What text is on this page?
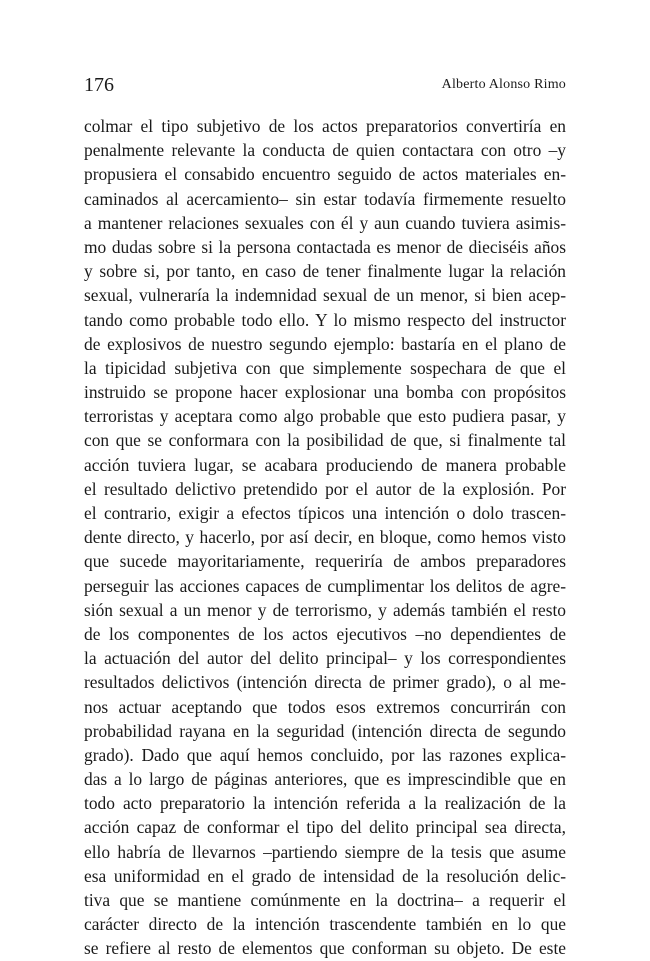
176	Alberto Alonso Rimo
colmar el tipo subjetivo de los actos preparatorios convertiría en
penalmente relevante la conducta de quien contactara con otro –y
propusiera el consabido encuentro seguido de actos materiales en-
caminados al acercamiento– sin estar todavía firmemente resuelto
a mantener relaciones sexuales con él y aun cuando tuviera asimis-
mo dudas sobre si la persona contactada es menor de dieciséis años
y sobre si, por tanto, en caso de tener finalmente lugar la relación
sexual, vulneraría la indemnidad sexual de un menor, si bien acep-
tando como probable todo ello. Y lo mismo respecto del instructor
de explosivos de nuestro segundo ejemplo: bastaría en el plano de
la tipicidad subjetiva con que simplemente sospechara de que el
instruido se propone hacer explosionar una bomba con propósitos
terroristas y aceptara como algo probable que esto pudiera pasar, y
con que se conformara con la posibilidad de que, si finalmente tal
acción tuviera lugar, se acabara produciendo de manera probable
el resultado delictivo pretendido por el autor de la explosión. Por
el contrario, exigir a efectos típicos una intención o dolo trascen-
dente directo, y hacerlo, por así decir, en bloque, como hemos visto
que sucede mayoritariamente, requeriría de ambos preparadores
perseguir las acciones capaces de cumplimentar los delitos de agre-
sión sexual a un menor y de terrorismo, y además también el resto
de los componentes de los actos ejecutivos –no dependientes de
la actuación del autor del delito principal– y los correspondientes
resultados delictivos (intención directa de primer grado), o al me-
nos actuar aceptando que todos esos extremos concurrirán con
probabilidad rayana en la seguridad (intención directa de segundo
grado). Dado que aquí hemos concluido, por las razones explica-
das a lo largo de páginas anteriores, que es imprescindible que en
todo acto preparatorio la intención referida a la realización de la
acción capaz de conformar el tipo del delito principal sea directa,
ello habría de llevarnos –partiendo siempre de la tesis que asume
esa uniformidad en el grado de intensidad de la resolución delic-
tiva que se mantiene comúnmente en la doctrina– a requerir el
carácter directo de la intención trascendente también en lo que
se refiere al resto de elementos que conforman su objeto. De este
